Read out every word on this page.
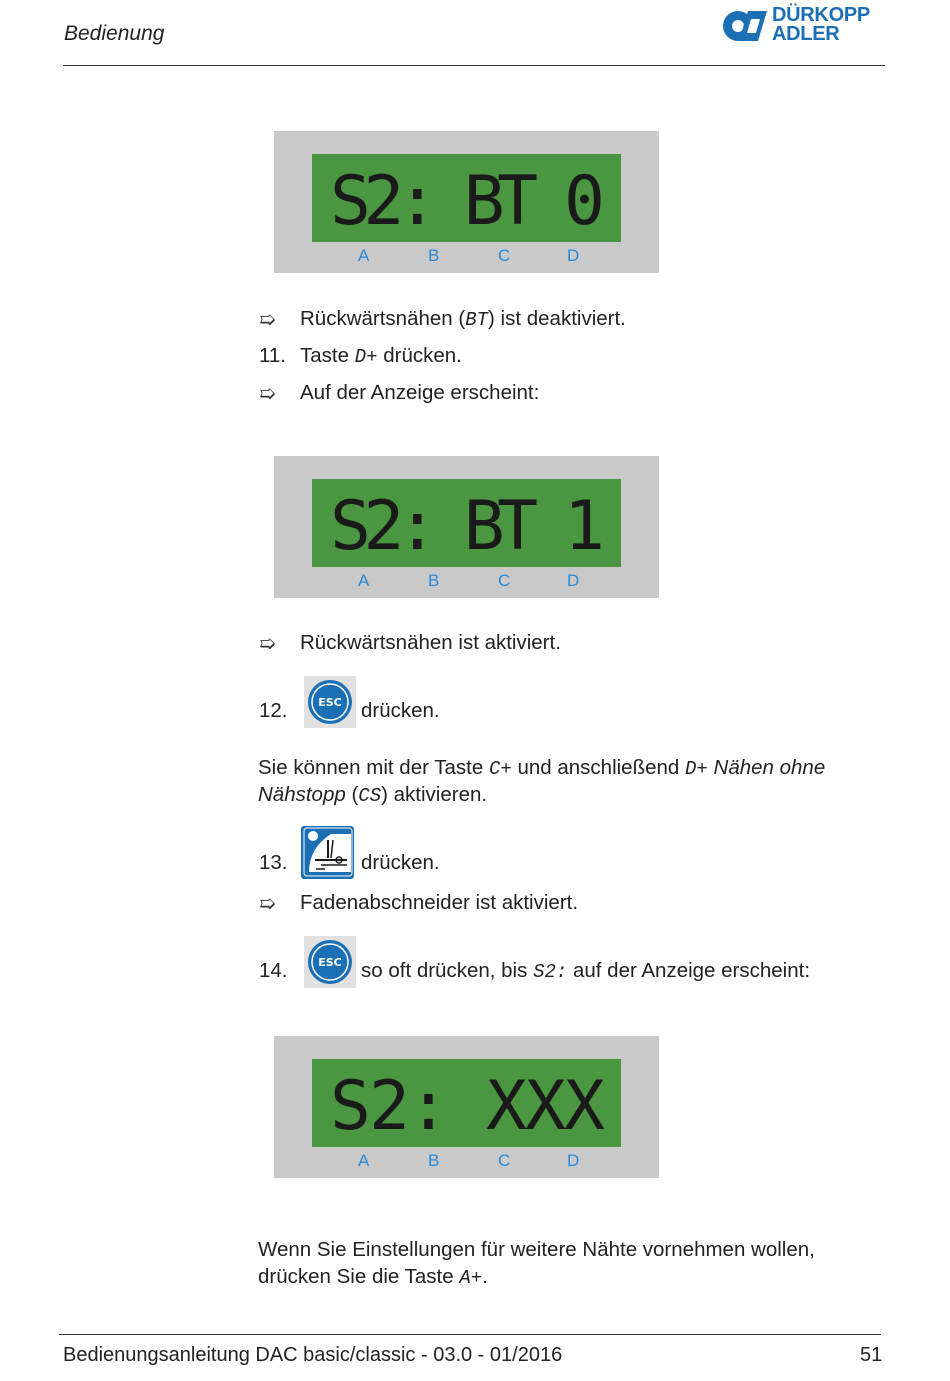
Bedienung
DÜRKOPP
ADLER
S2: BT 0
A	B	C	D
➯ Rückwärtsnähen (BT) ist deaktiviert.
11. Taste D+ drücken.
➯ Auf der Anzeige erscheint:
S2: BT 1
A	B	C	D
➯ Rückwärtsnähen ist aktiviert.
12.	ESC drücken.
Sie können mit der Taste C+ und anschließend D+ Nähen ohne
Nähstopp (CS) aktivieren.
13.	drücken.
➯ Fadenabschneider ist aktiviert.
14.	ESC so oft drücken, bis S2: auf der Anzeige erscheint:
S2: XXX
A	B	C	D
Wenn Sie Einstellungen für weitere Nähte vornehmen wollen,
drücken Sie die Taste A+.
Bedienungsanleitung DAC basic/classic - 03.0 - 01/2016	51
